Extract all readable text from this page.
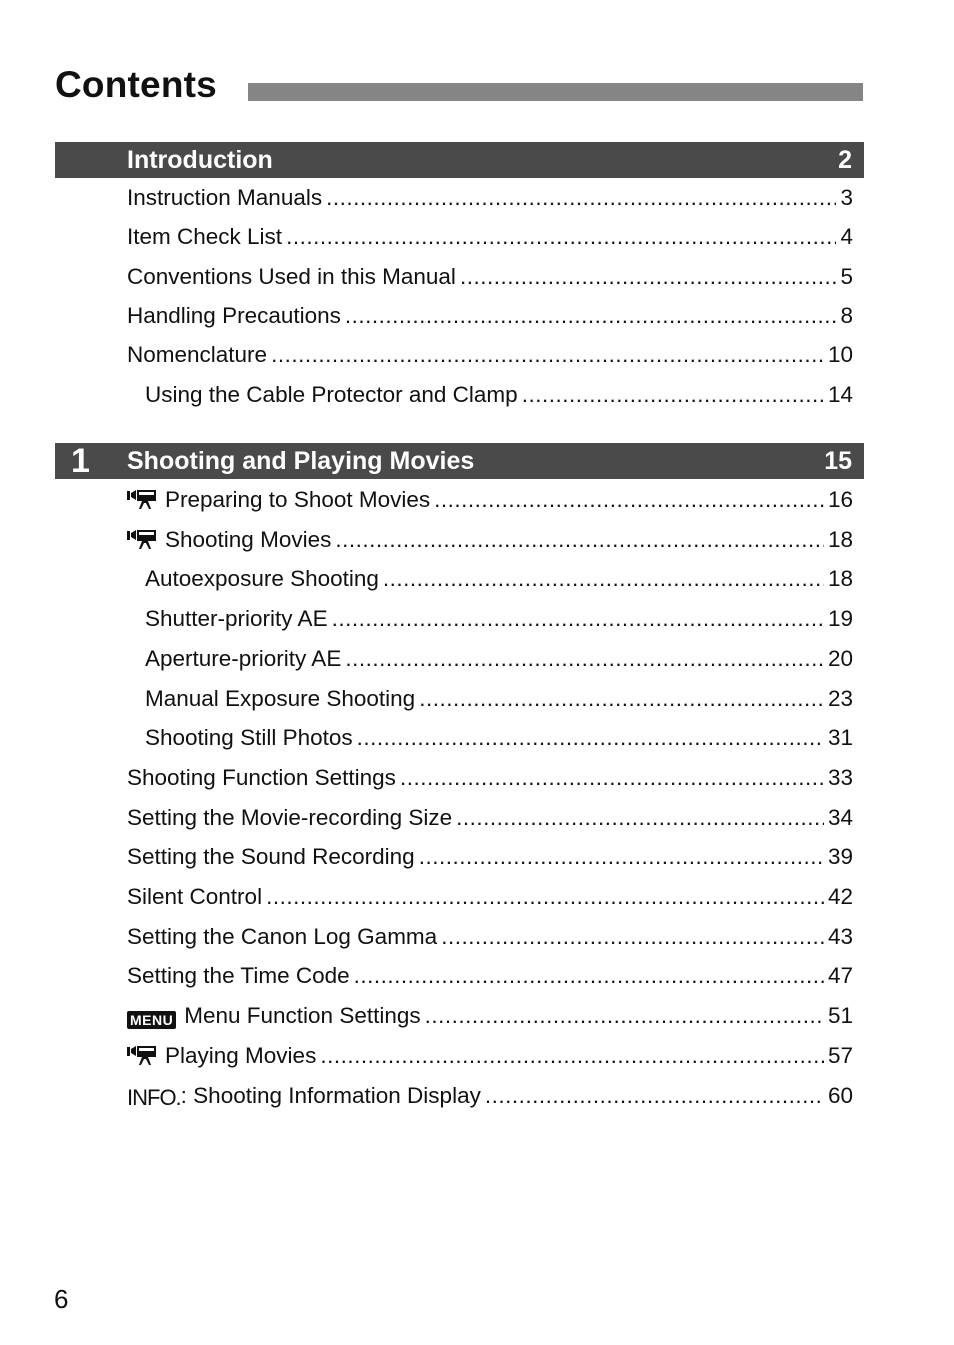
Contents
Introduction	2
Instruction Manuals .....	3
Item Check List .....	4
Conventions Used in this Manual .....	5
Handling Precautions .....	8
Nomenclature .....	10
Using the Cable Protector and Clamp .....	14
1 Shooting and Playing Movies	15
Preparing to Shoot Movies .....	16
Shooting Movies .....	18
Autoexposure Shooting .....	18
Shutter-priority AE .....	19
Aperture-priority AE .....	20
Manual Exposure Shooting .....	23
Shooting Still Photos .....	31
Shooting Function Settings .....	33
Setting the Movie-recording Size .....	34
Setting the Sound Recording .....	39
Silent Control .....	42
Setting the Canon Log Gamma .....	43
Setting the Time Code .....	47
MENU Menu Function Settings .....	51
Playing Movies .....	57
INFO. : Shooting Information Display .....	60
6
